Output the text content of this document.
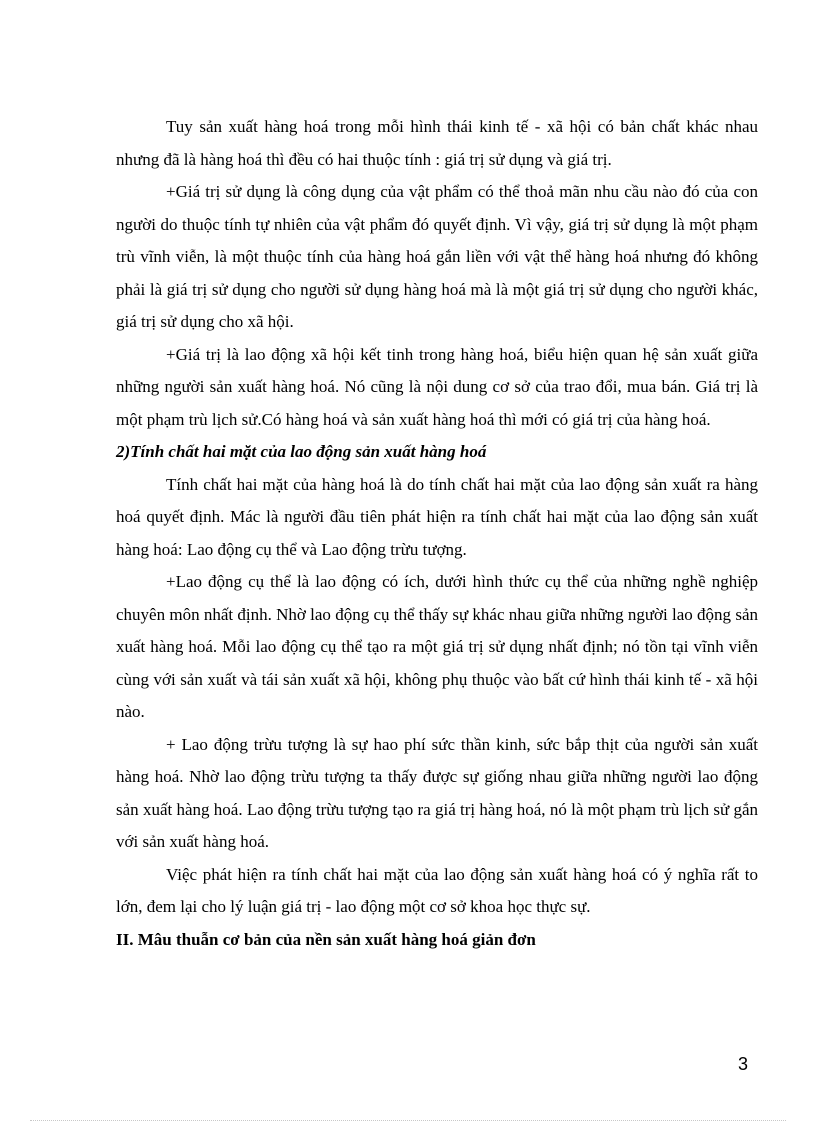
Tuy sản xuất hàng hoá trong mỗi hình thái kinh tế - xã hội có bản chất khác nhau nhưng đã là hàng hoá thì đều có hai thuộc tính : giá trị sử dụng và giá trị.

+Giá trị sử dụng là công dụng của vật phẩm có thể thoả mãn nhu cầu nào đó của con người do thuộc tính tự nhiên của vật phẩm đó quyết định. Vì vậy, giá trị sử dụng là một phạm trù vĩnh viễn, là một thuộc tính của hàng hoá gắn liền với vật thể hàng hoá nhưng đó không phải là giá trị sử dụng cho người sử dụng hàng hoá mà là một giá trị sử dụng cho người khác, giá trị sử dụng cho xã hội.

+Giá trị là lao động xã hội kết tinh trong hàng hoá, biểu hiện quan hệ sản xuất giữa những người sản xuất hàng hoá. Nó cũng là nội dung cơ sở của trao đổi, mua bán. Giá trị là một phạm trù lịch sử.Có hàng hoá và sản xuất hàng hoá thì mới có giá trị của hàng hoá.

2)Tính chất hai mặt của lao động sản xuất hàng hoá

Tính chất hai mặt của hàng hoá là do tính chất hai mặt của lao động sản xuất ra hàng hoá quyết định. Mác là người đầu tiên phát hiện ra tính chất hai mặt của lao động sản xuất hàng hoá: Lao động cụ thể và Lao động trừu tượng.

+Lao động cụ thể là lao động có ích, dưới hình thức cụ thể của những nghề nghiệp chuyên môn nhất định. Nhờ lao động cụ thể thấy sự khác nhau giữa những người lao động sản xuất hàng hoá. Mỗi lao động cụ thể tạo ra một giá trị sử dụng nhất định; nó tồn tại vĩnh viễn cùng với sản xuất và tái sản xuất xã hội, không phụ thuộc vào bất cứ hình thái kinh tế - xã hội nào.

+ Lao động trừu tượng là sự hao phí sức thần kinh, sức bắp thịt của người sản xuất hàng hoá. Nhờ lao động trừu tượng ta thấy được sự giống nhau giữa những người lao động sản xuất hàng hoá. Lao động trừu tượng tạo ra giá trị hàng hoá, nó là một phạm trù lịch sử gắn với sản xuất hàng hoá.

Việc phát hiện ra tính chất hai mặt của lao động sản xuất hàng hoá có ý nghĩa rất to lớn, đem lại cho lý luận giá trị - lao động một cơ sở khoa học thực sự.

II. Mâu thuẫn cơ bản của nền sản xuất hàng hoá giản đơn
3
